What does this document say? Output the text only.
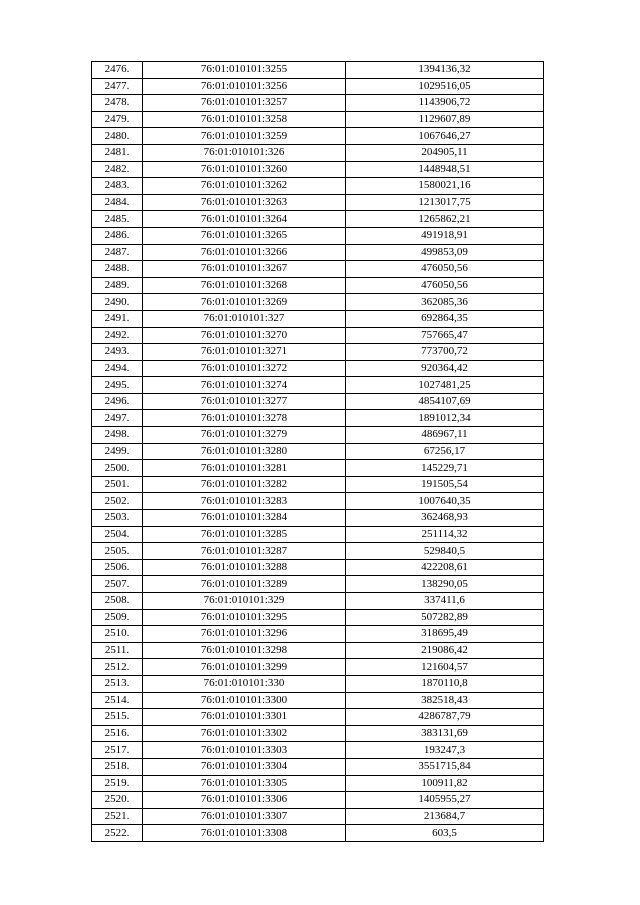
2476.	76:01:010101:3255	1394136,32
2477.	76:01:010101:3256	1029516,05
2478.	76:01:010101:3257	1143906,72
2479.	76:01:010101:3258	1129607,89
2480.	76:01:010101:3259	1067646,27
2481.	76:01:010101:326	204905,11
2482.	76:01:010101:3260	1448948,51
2483.	76:01:010101:3262	1580021,16
2484.	76:01:010101:3263	1213017,75
2485.	76:01:010101:3264	1265862,21
2486.	76:01:010101:3265	491918,91
2487.	76:01:010101:3266	499853,09
2488.	76:01:010101:3267	476050,56
2489.	76:01:010101:3268	476050,56
2490.	76:01:010101:3269	362085,36
2491.	76:01:010101:327	692864,35
2492.	76:01:010101:3270	757665,47
2493.	76:01:010101:3271	773700,72
2494.	76:01:010101:3272	920364,42
2495.	76:01:010101:3274	1027481,25
2496.	76:01:010101:3277	4854107,69
2497.	76:01:010101:3278	1891012,34
2498.	76:01:010101:3279	486967,11
2499.	76:01:010101:3280	67256,17
2500.	76:01:010101:3281	145229,71
2501.	76:01:010101:3282	191505,54
2502.	76:01:010101:3283	1007640,35
2503.	76:01:010101:3284	362468,93
2504.	76:01:010101:3285	251114,32
2505.	76:01:010101:3287	529840,5
2506.	76:01:010101:3288	422208,61
2507.	76:01:010101:3289	138290,05
2508.	76:01:010101:329	337411,6
2509.	76:01:010101:3295	507282,89
2510.	76:01:010101:3296	318695,49
2511.	76:01:010101:3298	219086,42
2512.	76:01:010101:3299	121604,57
2513.	76:01:010101:330	1870110,8
2514.	76:01:010101:3300	382518,43
2515.	76:01:010101:3301	4286787,79
2516.	76:01:010101:3302	383131,69
2517.	76:01:010101:3303	193247,3
2518.	76:01:010101:3304	3551715,84
2519.	76:01:010101:3305	100911,82
2520.	76:01:010101:3306	1405955,27
2521.	76:01:010101:3307	213684,7
2522.	76:01:010101:3308	603,5
